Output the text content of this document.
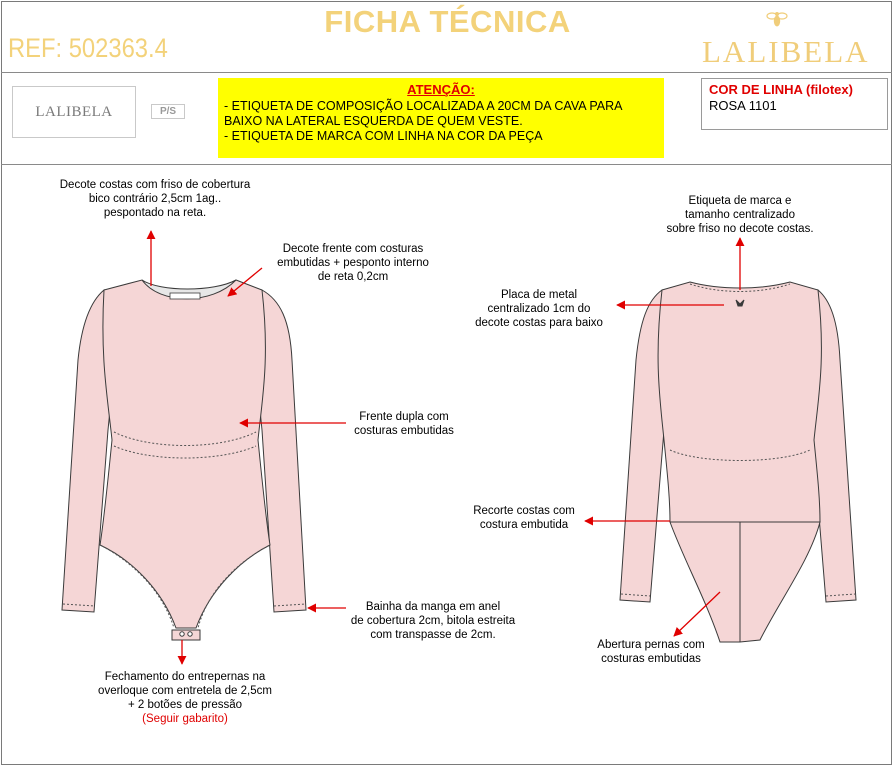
FICHA TÉCNICA
REF: 502363.4	LALIBELA
LALIBELA	P/S
ATENÇÃO:
- ETIQUETA DE COMPOSIÇÃO LOCALIZADA A 20CM DA CAVA PARA BAIXO NA LATERAL ESQUERDA DE QUEM VESTE.
- ETIQUETA DE MARCA COM LINHA NA COR DA PEÇA
COR DE LINHA (filotex)
ROSA 1101
Decote costas com friso de cobertura
bico contrário 2,5cm 1ag..
pespontado na reta.
Decote frente com costuras
embutidas + pesponto interno
de reta 0,2cm
Frente dupla com
costuras embutidas
Bainha da manga em anel
de cobertura 2cm, bitola estreita
com transpasse de 2cm.
Fechamento do entrepernas na
overloque com entretela de 2,5cm
+ 2 botões de pressão
(Seguir gabarito)
Etiqueta de marca e
tamanho centralizado
sobre friso no decote costas.
Placa de metal
centralizado 1cm do
decote costas para baixo
Recorte costas com
costura embutida
Abertura pernas com
costuras embutidas
